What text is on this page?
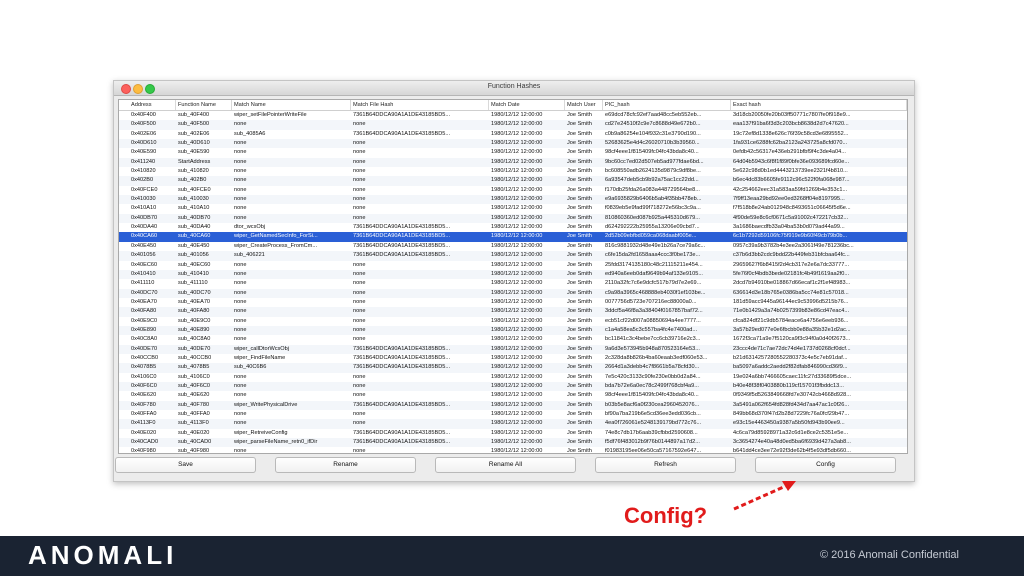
Function Hashes
Address	Function Name	Match Name	Match File Hash	Match Date	Match User	PIC_hash	Exact hash
0x40F400	sub_40F400	wiper_setFilePointerWriteFile	7361B64DDCA90A1A1DE43185BD5...	1980/12/12 12:00:00	Joe Smith	e69dcd78cfc92ef7aad48cc5eb552eb...	3d18cb20050fe20b03ff50771c7807fe0f918e9...
0x40F500	sub_40F500	none	none	1980/12/12 12:00:00	Joe Smith	cd27e24510f2c9e7c8688d49e672b0...	eaa137f91ba6f3d3c203bcb8638d2d7c47620...
0x402E06	sub_402E06	sub_4085A6	7361B64DDCA90A1A1DE43185BD5...	1980/12/12 12:00:00	Joe Smith	c0b9a86254e104f932c31e3790d190...	19c72ef8d1338e626c76f39c58cd3e6895552...
0x40D610	sub_40D610	none	none	1980/12/12 12:00:00	Joe Smith	52683625e4d4c26020710b3b39560...	1fa931ce6288fc62ba2123a243725a8cfd070...
0x40E590	sub_40E590	none	none	1980/12/12 12:00:00	Joe Smith	98cf4eee1f815409fc04fc43bda8c40...	0efdb42c56317e436eb291bfbf9f4c3de4a04...
0x411240	StartAddress	none	none	1980/12/12 12:00:00	Joe Smith	9bc60cc7ed02d507eb5ad977fdae6bd...	64d04b5943c6f8f1f89f0bfe36e093689fcd60e...
0x410820	sub_410820	none	none	1980/12/12 12:00:00	Joe Smith	bc608550adb2624135d9879c9df8be...	5e622c98d0b1ed4443213739ee2321f4b810...
0x402B0	sub_402B0	none	none	1980/12/12 12:00:00	Joe Smith	6a93547deb5cb9b92a75ac1cc22dd...	b6ec4dc83b6605fe9112c96c522f0fa068e987...
0x40FCE0	sub_40FCE0	none	none	1980/12/12 12:00:00	Joe Smith	f170db25fda26a083a448729564be8...	42c254662eec31a583aa59fd1269b4e353c1...
0x410030	sub_410030	none	none	1980/12/12 12:00:00	Joe Smith	e9a6935829b6406b5ab4f35bb478eb...	7f9ff13eaa29bd92ee0ed3268ff04e8197995...
0x410A10	sub_410A10	none	none	1980/12/12 12:00:00	Joe Smith	f0839eb5e9fad99f718272e56bc3c9a...	f7f518b8e24ab012948c8493651c06645f5d6e...
0x40DB70	sub_40DB70	none	none	1980/12/12 12:00:00	Joe Smith	810860360ed087b925a445310d679...	4f90de59e8c6cf0671c5a91002c472217cb32...
0x40DA40	sub_40DA40	dtor_wcsObj	7361B64DDCA90A1A1DE43185BD5...	1980/12/12 12:00:00	Joe Smith	d624292222b25955a13206e09cbd7...	3a1686baecdfb33a04ba53b0d079ad44a99...
0x40CA60	sub_40CA60	wiper_GetNamedSecInfo_ForSi...	7361B64DDCA90A1A1DE43185BD5...	1980/12/12 12:00:00	Joe Smith	2d52b09ebfbd059ca068daabf005e...	6c1b7292d59106fc75f919e9b60f49cb79b0b...
0x40E450	sub_40E450	wiper_CreateProcess_FromCm...	7361B64DDCA90A1A1DE43185BD5...	1980/12/12 12:00:00	Joe Smith	816c9881932d48e49e1b26a7ce79a6c...	0957c39a9b3782b4e3ee2a3061f49e781236bc...
0x401056	sub_401056	sub_406221	7361B64DDCA90A1A1DE43185BD5...	1980/12/12 12:00:00	Joe Smith	c6fe15da2fd1658aaa4ccc3f0be173e...	c37b6d3bb2cdc9bdd22b449feb31bfcbaa64fc...
0x40EC60	sub_40EC60	none	none	1980/12/12 12:00:00	Joe Smith	25fdd3174135180c48c21115211e454...	29659627f6b8415f2d4cb317e2e6a7dc33777...
0x410410	sub_410410	none	none	1980/12/12 12:00:00	Joe Smith	ed940a6eeb0daf9649b94af133e9105...	5fe76f0cf4bdb3bede02181fc4b49f1619aa2f0...
0x411110	sub_411110	none	none	1980/12/12 12:00:00	Joe Smith	2110a32fc7c6e9dcfc517b79d7e2e69...	2dcd7b94910be018867d66ecaf1c2f1ef48983...
0x40DC70	sub_40DC70	none	none	1980/12/12 12:00:00	Joe Smith	c9a98a3965c468888eb4030f1ef103be...	636614d3e18b765e0386ba5cc74e81c57018...
0x40EA70	sub_40EA70	none	none	1980/12/12 12:00:00	Joe Smith	0077756d5723e707216ec88000a0...	181d59acc9445a96144ec9c53996d5215b76...
0x40FA80	sub_40FA80	none	none	1980/12/12 12:00:00	Joe Smith	3ddcf5a46f8a3a38404f0167857baf72...	71e0b1429a3a74b0257399b83e86cd47eac4...
0x40E9C0	sub_40E9C0	none	none	1980/12/12 12:00:00	Joe Smith	ecb51cf22d007a08850694a4ee7777...	cfca824df21c9db5784eace6a4756e6eeb936...
0x40E890	sub_40E890	none	none	1980/12/12 12:00:00	Joe Smith	c1a4a58ea5c3c557ba4fc4e7400ad...	3a57b29ed077e0e6fbcbb0e88a35b32e1d2ac...
0x40C8A0	sub_40C8A0	none	none	1980/12/12 12:00:00	Joe Smith	bc11841c3c4bebe7cc6cb39716e2c3...	1672f3ca71a9e7f5120ca9f3c94f0a0d40f2673...
0x40DE70	sub_40DE70	wiper_callDtorWcsObj	7361B64DDCA90A1A1DE43185BD5...	1980/12/12 12:00:00	Joe Smith	9a6d3e573945b948a870523164e53...	23ccc4de71c7ae72dc74d4e1737d0268cf0dcf...
0x40CCB0	sub_40CCB0	wiper_FindFileName	7361B64DDCA90A1A1DE43185BD5...	1980/12/12 12:00:00	Joe Smith	2c328da8b826b4ba60eaab3edf060e53...	b21d6314257280552280373c4e5c7eb91daf...
0x4078B5	sub_4078B5	sub_40C6B6	7361B64DDCA90A1A1DE43185BD5...	1980/12/12 12:00:00	Joe Smith	2664d1a3debb4c7f8661b5a78cfd30...	ba5097a6addc2aedd2f82dfab846990cd36f9...
0x4106C0	sub_4106C0	none	none	1980/12/12 12:00:00	Joe Smith	7e5c420c3133c90fe230e0bb0d2a84...	19e024a6bb7466605caec11fc27d33689f5dce...
0x40F6C0	sub_40F6C0	none	none	1980/12/12 12:00:00	Joe Smith	bda7b72e6a0ec78c2499f768cbf4a9...	b40e48f38f0403880b119cf15701f3fbddc13...
0x40E620	sub_40E620	none	none	1980/12/12 12:00:00	Joe Smith	98cf4eee1f815409fc04fc43bda8c40...	0f9349f5d5263849668fd7e30742cb4668d928...
0x40F780	sub_40F780	wiper_WritePhysicalDrive	7361B64DDCA90A1A1DE43185BD5...	1980/12/12 12:00:00	Joe Smith	b03b5e8acf6a0f230cea2960452076...	3a5491a062f654fd828fd434d7aa47ac1c0f26...
0x40FFA0	sub_40FFA0	none	none	1980/12/12 12:00:00	Joe Smith	bf90a7ba219b6e5cd36ee3edd036cb...	849bb68d370f47d2b28d7229fc76a0fcf29b47...
0x4113F0	sub_4113F0	none	none	1980/12/12 12:00:00	Joe Smith	4ea0f726061e5248139179bd772c76...	e93c15e4463450a9387a5b50fd943b90ee9...
0x40E020	sub_40E020	wiper_RetreiveConfig	7361B64DDCA90A1A1DE43185BD5...	1980/12/12 12:00:00	Joe Smith	74e8c7db17b6aab39cfbbd2590608...	4c6ca79d85928971a32c6d1e8ce2c5351e5e...
0x40CAD0	sub_40CAD0	wiper_parseFileName_retn0_ifDir	7361B64DDCA90A1A1DE43185BD5...	1980/12/12 12:00:00	Joe Smith	f5df76f483012b9f76b0144897a17d2...	3c3654274e40a48d0ed5ba6f6939d427a3ab8...
0x40F980	sub_40F980	none	none	1980/12/12 12:00:00	Joe Smith	f01983195ee06e50ca57167592e647...	b641dd4ce3ee72e92f3de62b4f5e93df5db660...
Save	Rename	Rename All	Refresh	Config
Config?
ANOMALI	© 2016 Anomali Confidential
